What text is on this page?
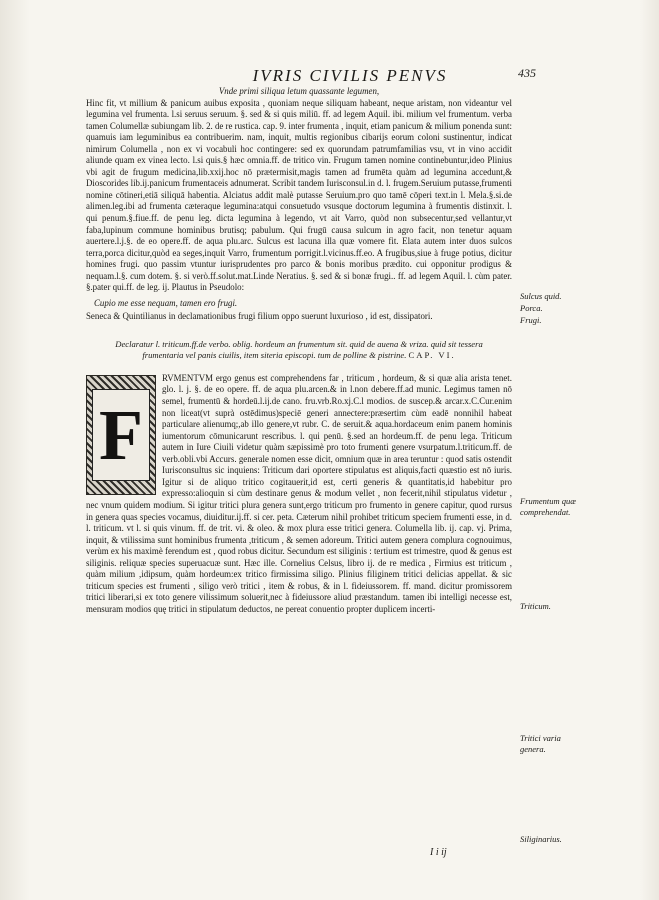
IVRIS CIVILIS PENVS	435

Vnde primi siliqua letum quassante legumen,

Hinc fit, vt millium & panicum auibus exposita , quoniam neque siliquam habeant, neque aristam, non videantur vel legumina vel frumenta. l.si seruus seruum. §. sed & si quis miliū. ff. ad legem Aquil. ibi. milium vel frumentum. verba tamen Columellæ subiungam lib. 2. de re rustica. cap. 9. inter frumenta , inquit, etiam panicum & milium ponenda sunt: quamuis iam leguminibus ea contribuerim. nam, inquit, multis regionibus cibarijs eorum coloni sustinentur, indicat nimirum Columella , non ex vi vocabuli hoc contingere: sed ex quorundam patrumfamilias vsu, vt in vino accidit aliunde quam ex vinea lecto. l.si quis.§ hæc omnia.ff. de tritico vin. Frugum tamen nomine continebuntur,ideo Plinius vbi agit de frugum medicina,lib.xxij.hoc nō prætermisit,magis tamen ad frumēta quàm ad legumina accedunt,& Dioscorides lib.ij.panicum frumentaceis adnumerat. Scribit tandem Iurisconsul.in d. l. frugem.Seruium putasse,frumenti nomine cōtineri,etiā siliquā habentia. Alciatus addit malè putasse Seruium.pro quo tamē cōperi text.in l. Mela.§.si.de alimen.leg.ibi ad frumenta cæteraque legumina:atqui consuetudo vsusque doctorum legumina à frumentis distinxit. l. qui penum.§.fiue.ff. de penu leg. dicta legumina à legendo, vt ait Varro, quòd non subsecentur,sed vellantur,vt faba,lupinum commune hominibus brutisq; pabulum. Qui frugū causa sulcum in agro facit, non tenetur aquam auertere.l.j.§. de eo opere.ff. de aqua plu.arc. Sulcus est lacuna illa quæ vomere fit. Elata autem inter duos sulcos terra,porca dicitur,quòd ea seges,inquit Varro, frumentum porrigit.l.vicinus.ff.eo. A frugibus,siue à fruge potius, dicitur homines frugi. quo passim vtuntur iurisprudentes pro parco & bonis moribus prædito. cui opponitur prodigus & nequam.l.§. cum dotem. §. si verò.ff.solut.mat.Linde Neratius. §. sed & si bonæ frugi.. ff. ad legem Aquil. l. cùm pater. §.pater qui.ff. de leg. ij. Plautus in Pseudolo:

Cupio me esse nequam, tamen ero frugi.

Seneca & Quintilianus in declamationibus frugi filium oppo suerunt luxurioso , id est, dissipatori.

Declaratur l. triticum.ff.de verbo. oblig. hordeum an frumentum sit. quid de auena & vriza. quid sit tessera frumentaria vel panis ciuilis, item siteria episcopi. tum de polline & pistrine. CAP. VI.

F

RVMENTVM ergo genus est comprehendens far , triticum , hordeum, & si quæ alia arista tenet. glo. l. j. §. de eo opere. ff. de aqua plu.arcen.& in l.non debere.ff.ad munic. Legimus tamen nō semel, frumentū & hordeū.l.ij.de cano. fru.vrb.Ro.xj.C.l modios. de susceр.& arcar.x.C.Cur.enim non liceat(vt suprà ostēdimus)speciē generi annectere:præsertim cùm eadē nonnihil habeat particulare alienumq;,ab illo genere,vt rubr. C. de seruit.& aqua.hordaceum enim panem hominis iumentorum cōmunicarunt rescribus. l. qui penū. §.sed an hordeum.ff. de penu lega. Triticum autem in Iure Ciuili videtur quàm sæpissimè pro toto frumenti genere vsurpatum.l.triticum.ff. de verb.obli.vbi Accurs. generale nomen esse dicit, omnium quæ in area teruntur : quod satis ostendit Iurisconsultus sic inquiens: Triticum dari oportere stipulatus est aliquis,facti quæstio est nō iuris. Igitur si de aliquo tritico cogitauerit,id est, certi generis & quantitatis,id habebitur pro expresso:alioquin si cùm destinare genus & modum vellet , non fecerit,nihil stipulatus videtur , nec vnum quidem modium. Si igitur tritici plura genera sunt,ergo triticum pro frumento in genere capitur, quod rursus in genera quas species vocamus, diuiditur.ij.ff. si cer. peta. Cæterum nihil prohibet triticum speciem frumenti esse, in d. l. triticum. vt l. si quis vinum. ff. de trit. vi. & oleo. & mox plura esse tritici genera. Columella lib. ij. cap. vj. Prima, inquit, & vtilissima sunt hominibus frumenta ,triticum , & semen adoreum. Tritici autem genera complura cognouimus, verùm ex his maximè ferendum est , quod robus dicitur. Secundum est siliginis : tertium est trimestre, quod & genus est siliginis. reliquæ species superuacuæ sunt. Hæc ille. Cornelius Celsus, libro ij. de re medica , Firmius est triticum , quàm milium ,idipsum, quàm hordeum:ex tritico firmissima siligo. Plinius filiginem tritici delicias appellat. & sic triticum species est frumenti , siligo verò tritici , item & robus, & in l. fideiussorem. ff. mand. dicitur promissorem tritici liberari,si ex toto genere vilissimum soluerit,nec à fideiussore aliud præstandum. tamen ibi intelligi necesse est, mensuram modios quę tritici in stipulatum deductos, ne pereat conuentio propter duplicem incerti-

Sulcus quid.
Porca.
Frugi.
Frumentum quæ comprehendat.
Triticum.
Tritici varia genera.
Siliginarius.
I i ij
